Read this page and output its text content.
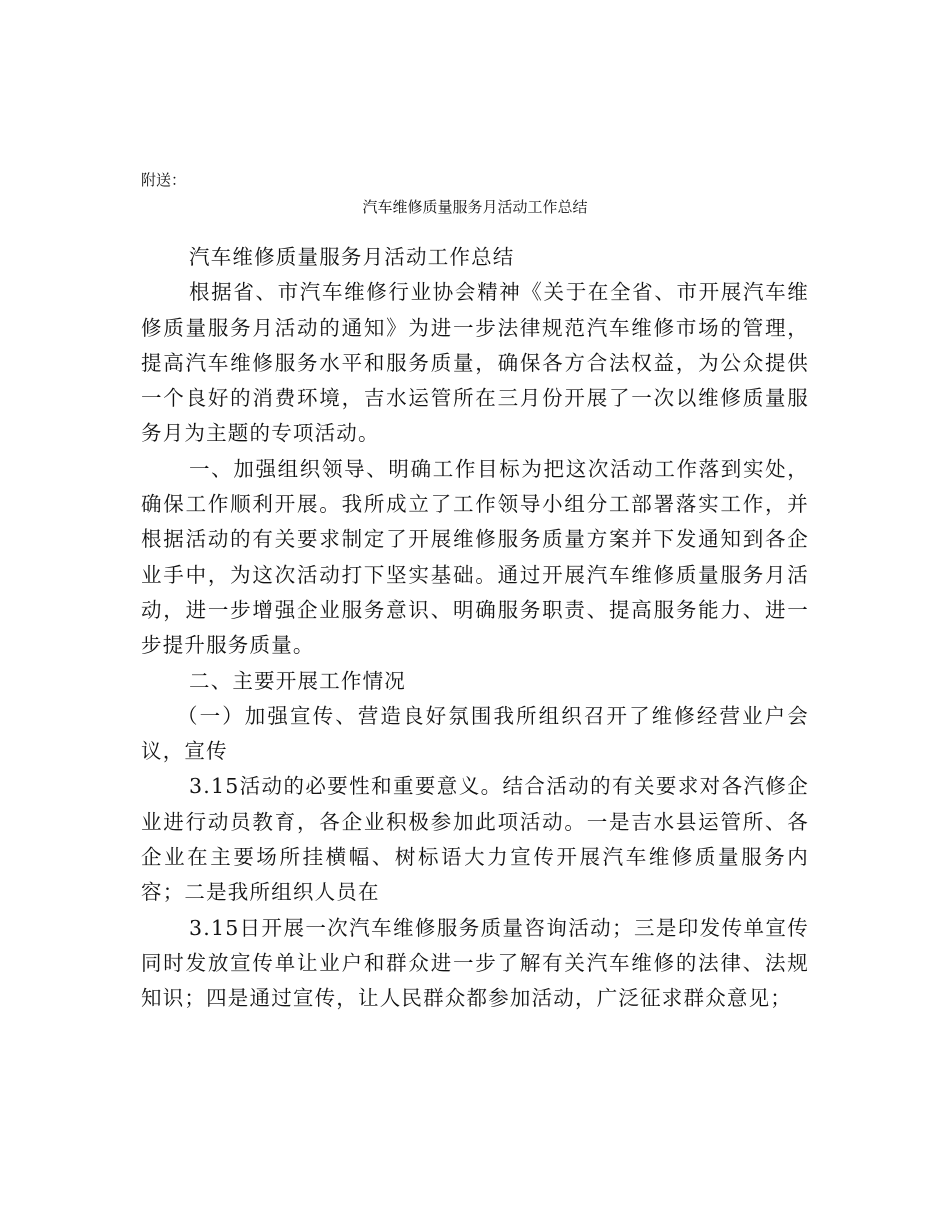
附送：

汽车维修质量服务月活动工作总结

汽车维修质量服务月活动工作总结

根据省、市汽车维修行业协会精神《关于在全省、市开展汽车维修质量服务月活动的通知》为进一步法律规范汽车维修市场的管理，提高汽车维修服务水平和服务质量，确保各方合法权益，为公众提供一个良好的消费环境，吉水运管所在三月份开展了一次以维修质量服务月为主题的专项活动。

一、加强组织领导、明确工作目标为把这次活动工作落到实处，确保工作顺利开展。我所成立了工作领导小组分工部署落实工作，并根据活动的有关要求制定了开展维修服务质量方案并下发通知到各企业手中，为这次活动打下坚实基础。通过开展汽车维修质量服务月活动，进一步增强企业服务意识、明确服务职责、提高服务能力、进一步提升服务质量。

二、主要开展工作情况

（一）加强宣传、营造良好氛围我所组织召开了维修经营业户会议，宣传

3.15活动的必要性和重要意义。结合活动的有关要求对各汽修企业进行动员教育，各企业积极参加此项活动。一是吉水县运管所、各企业在主要场所挂横幅、树标语大力宣传开展汽车维修质量服务内容；二是我所组织人员在

3.15日开展一次汽车维修服务质量咨询活动；三是印发传单宣传同时发放宣传单让业户和群众进一步了解有关汽车维修的法律、法规知识；四是通过宣传，让人民群众都参加活动，广泛征求群众意见；
